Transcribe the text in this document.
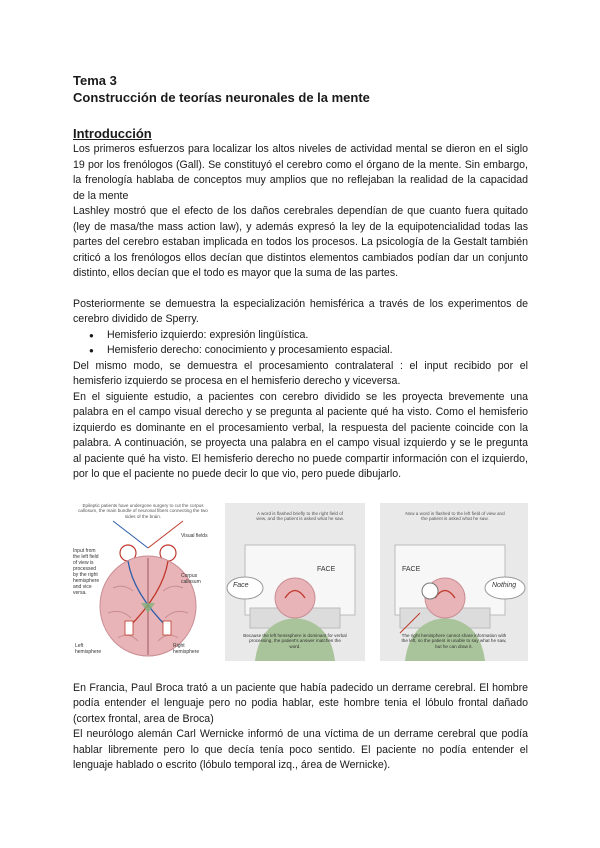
Tema 3
Construcción de teorías neuronales de la mente
Introducción

Los primeros esfuerzos para localizar los altos niveles de actividad mental se dieron en el siglo 19 por los frenólogos (Gall). Se constituyó el cerebro como el órgano de la mente. Sin embargo, la frenología hablaba de conceptos muy amplios que no reflejaban la realidad de la capacidad de la mente

Lashley mostró que el efecto de los daños cerebrales dependían de que cuanto fuera quitado (ley de masa/the mass action law), y además expresó la ley de la equipotencialidad todas las partes del cerebro estaban implicada en todos los procesos. La psicología de la Gestalt también criticó a los frenólogos ellos decían que distintos elementos cambiados podían dar un conjunto distinto, ellos decían que el todo es mayor que la suma de las partes.

Posteriormente se demuestra la especialización hemisférica a través de los experimentos de cerebro dividido de Sperry.

● Hemisferio izquierdo: expresión lingüística.
● Hemisferio derecho: conocimiento y procesamiento espacial.

Del mismo modo, se demuestra el procesamiento contralateral : el input recibido por el hemisferio izquierdo se procesa en el hemisferio derecho y viceversa.

En el siguiente estudio, a pacientes con cerebro dividido se les proyecta brevemente una palabra en el campo visual derecho y se pregunta al paciente qué ha visto. Como el hemisferio izquierdo es dominante en el procesamiento verbal, la respuesta del paciente coincide con la palabra. A continuación, se proyecta una palabra en el campo visual izquierdo y se le pregunta al paciente qué ha visto. El hemisferio derecho no puede compartir información con el izquierdo, por lo que el paciente no puede decir lo que vio, pero puede dibujarlo.

Epileptic patients have undergone surgery to cut the corpus callosum, the main bundle of neuronal fibers connecting the two sides of the brain.
Visual fields
Input from the left field of view is processed by the right hemisphere and vice versa.
Corpus callosum
Left hemisphere
Right hemisphere
A word is flashed briefly to the right field of view, and the patient is asked what he saw.
FACE
Face
Because the left hemisphere is dominant for verbal processing, the patient's answer matches the word.
Now a word is flashed to the left field of view and the patient is asked what he saw.
FACE
Nothing
The right hemisphere cannot share information with the left, so the patient is unable to say what he saw, but he can draw it.

En Francia, Paul Broca trató a un paciente que había padecido un derrame cerebral. El hombre podía entender el lenguaje pero no podia hablar, este hombre tenia el lóbulo frontal dañado (cortex frontal, area de Broca)

El neurólogo alemán Carl Wernicke informó de una víctima de un derrame cerebral que podía hablar libremente pero lo que decía tenía poco sentido. El paciente no podía entender el lenguaje hablado o escrito (lóbulo temporal izq., área de Wernicke).
